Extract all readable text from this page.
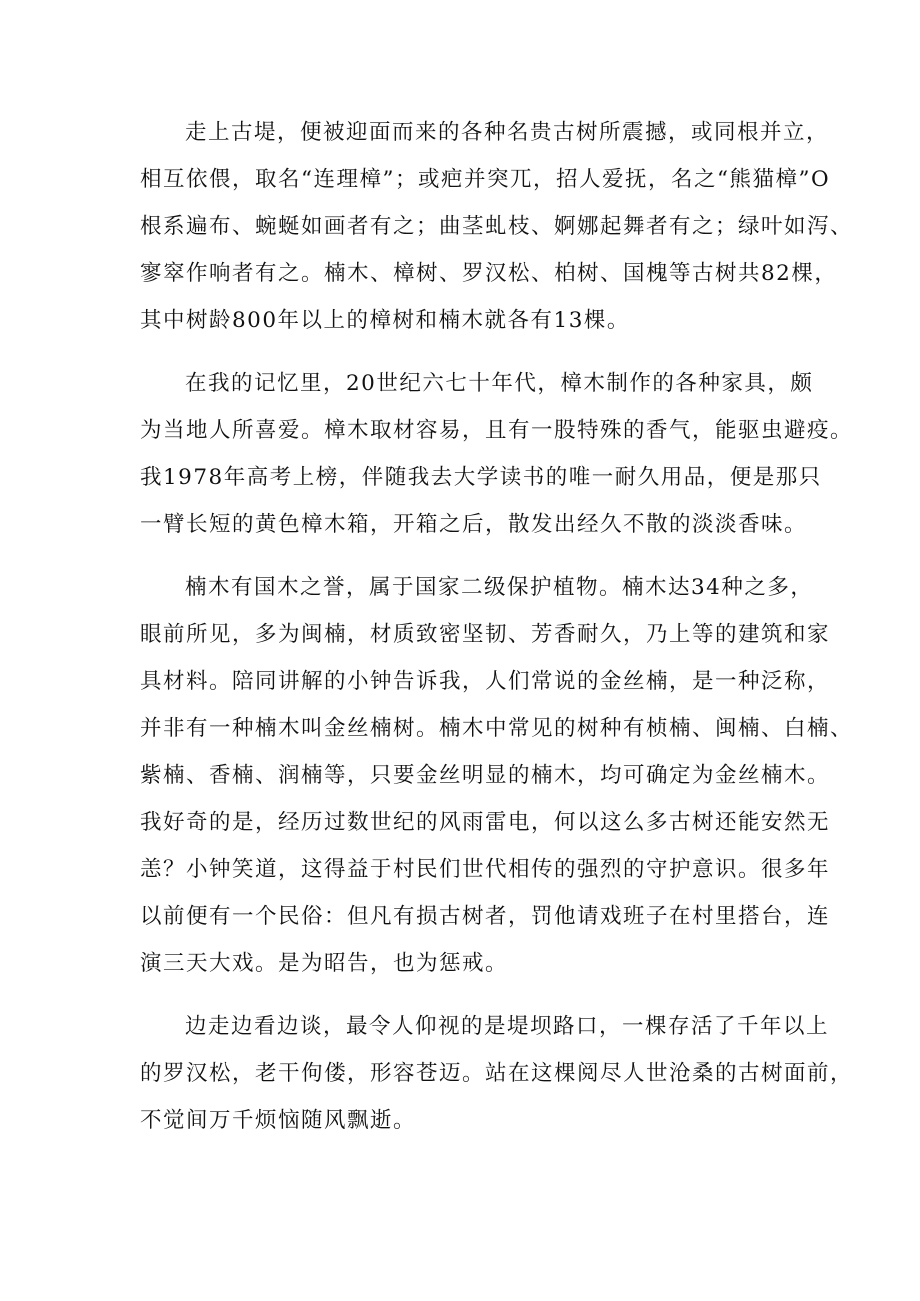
走上古堤，便被迎面而来的各种名贵古树所震撼，或同根并立，
相互依偎，取名“连理樟”；或疤并突兀，招人爱抚，名之“熊猫樟”O
根系遍布、蜿蜒如画者有之；曲茎虬枝、婀娜起舞者有之；绿叶如泻、
寥窣作响者有之。楠木、樟树、罗汉松、柏树、国槐等古树共82棵，
其中树龄800年以上的樟树和楠木就各有13棵。
在我的记忆里，20世纪六七十年代，樟木制作的各种家具，颇
为当地人所喜爱。樟木取材容易，且有一股特殊的香气，能驱虫避疫。
我1978年高考上榜，伴随我去大学读书的唯一耐久用品，便是那只
一臂长短的黄色樟木箱，开箱之后，散发出经久不散的淡淡香味。
楠木有国木之誉，属于国家二级保护植物。楠木达34种之多，
眼前所见，多为闽楠，材质致密坚韧、芳香耐久，乃上等的建筑和家
具材料。陪同讲解的小钟告诉我，人们常说的金丝楠，是一种泛称，
并非有一种楠木叫金丝楠树。楠木中常见的树种有桢楠、闽楠、白楠、
紫楠、香楠、润楠等，只要金丝明显的楠木，均可确定为金丝楠木。
我好奇的是，经历过数世纪的风雨雷电，何以这么多古树还能安然无
恙？小钟笑道，这得益于村民们世代相传的强烈的守护意识。很多年
以前便有一个民俗：但凡有损古树者，罚他请戏班子在村里搭台，连
演三天大戏。是为昭告，也为惩戒。
边走边看边谈，最令人仰视的是堤坝路口，一棵存活了千年以上
的罗汉松，老干佝偻，形容苍迈。站在这棵阅尽人世沧桑的古树面前，
不觉间万千烦恼随风飘逝。
